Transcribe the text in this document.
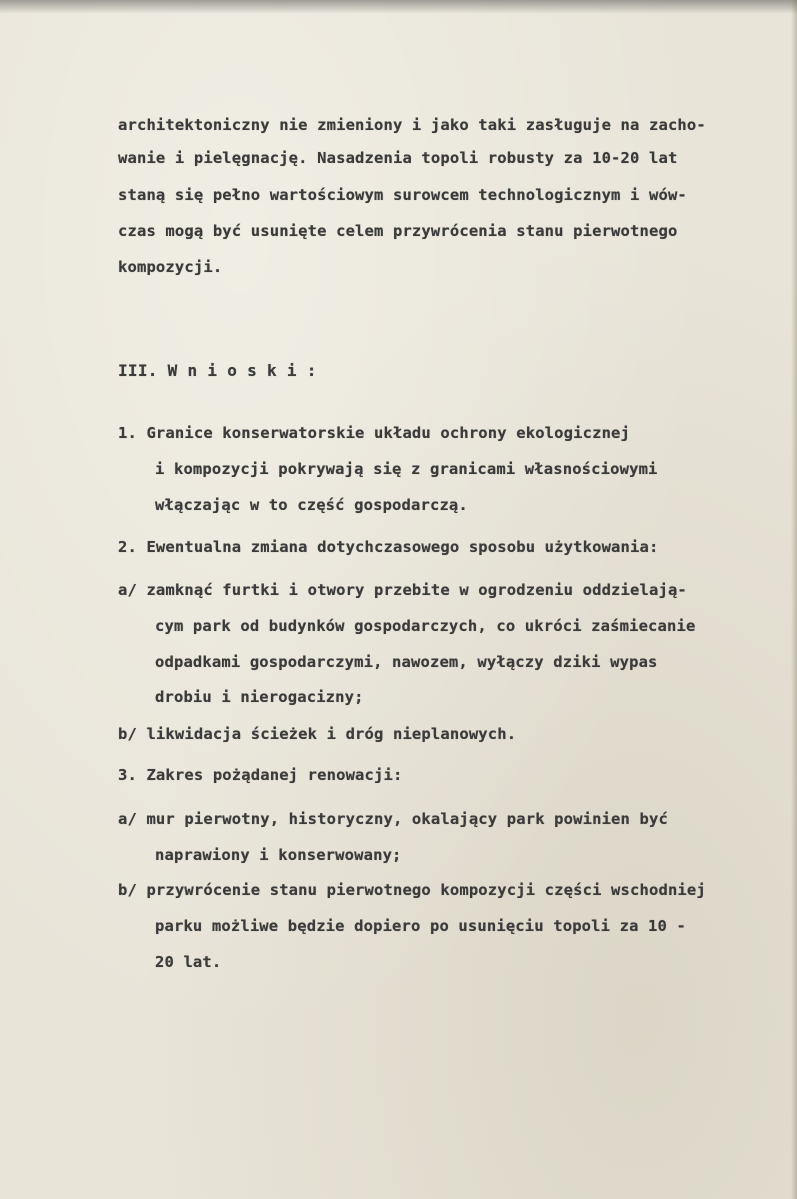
architektoniczny nie zmieniony i jako taki zasługuje na zacho-
wanie i pielęgnację. Nasadzenia topoli robusty za 10-20 lat
staną się pełno wartościowym surowcem technologicznym i wów-
czas mogą być usunięte celem przywrócenia stanu pierwotnego
kompozycji.
III. W n i o s k i :
1. Granice konserwatorskie układu ochrony ekologicznej
i kompozycji pokrywają się z granicami własnościowymi
włączając w to część gospodarczą.
2. Ewentualna zmiana dotychczasowego sposobu użytkowania:
a/ zamknąć furtki i otwory przebite w ogrodzeniu oddzielają-
cym park od budynków gospodarczych, co ukróci zaśmiecanie
odpadkami gospodarczymi, nawozem, wyłączy dziki wypas
drobiu i nierogacizny;
b/ likwidacja ścieżek i dróg nieplanowych.
3. Zakres pożądanej renowacji:
a/ mur pierwotny, historyczny, okalający park powinien być
naprawiony i konserwowany;
b/ przywrócenie stanu pierwotnego kompozycji części wschodniej
parku możliwe będzie dopiero po usunięciu topoli za 10 -
20 lat.
